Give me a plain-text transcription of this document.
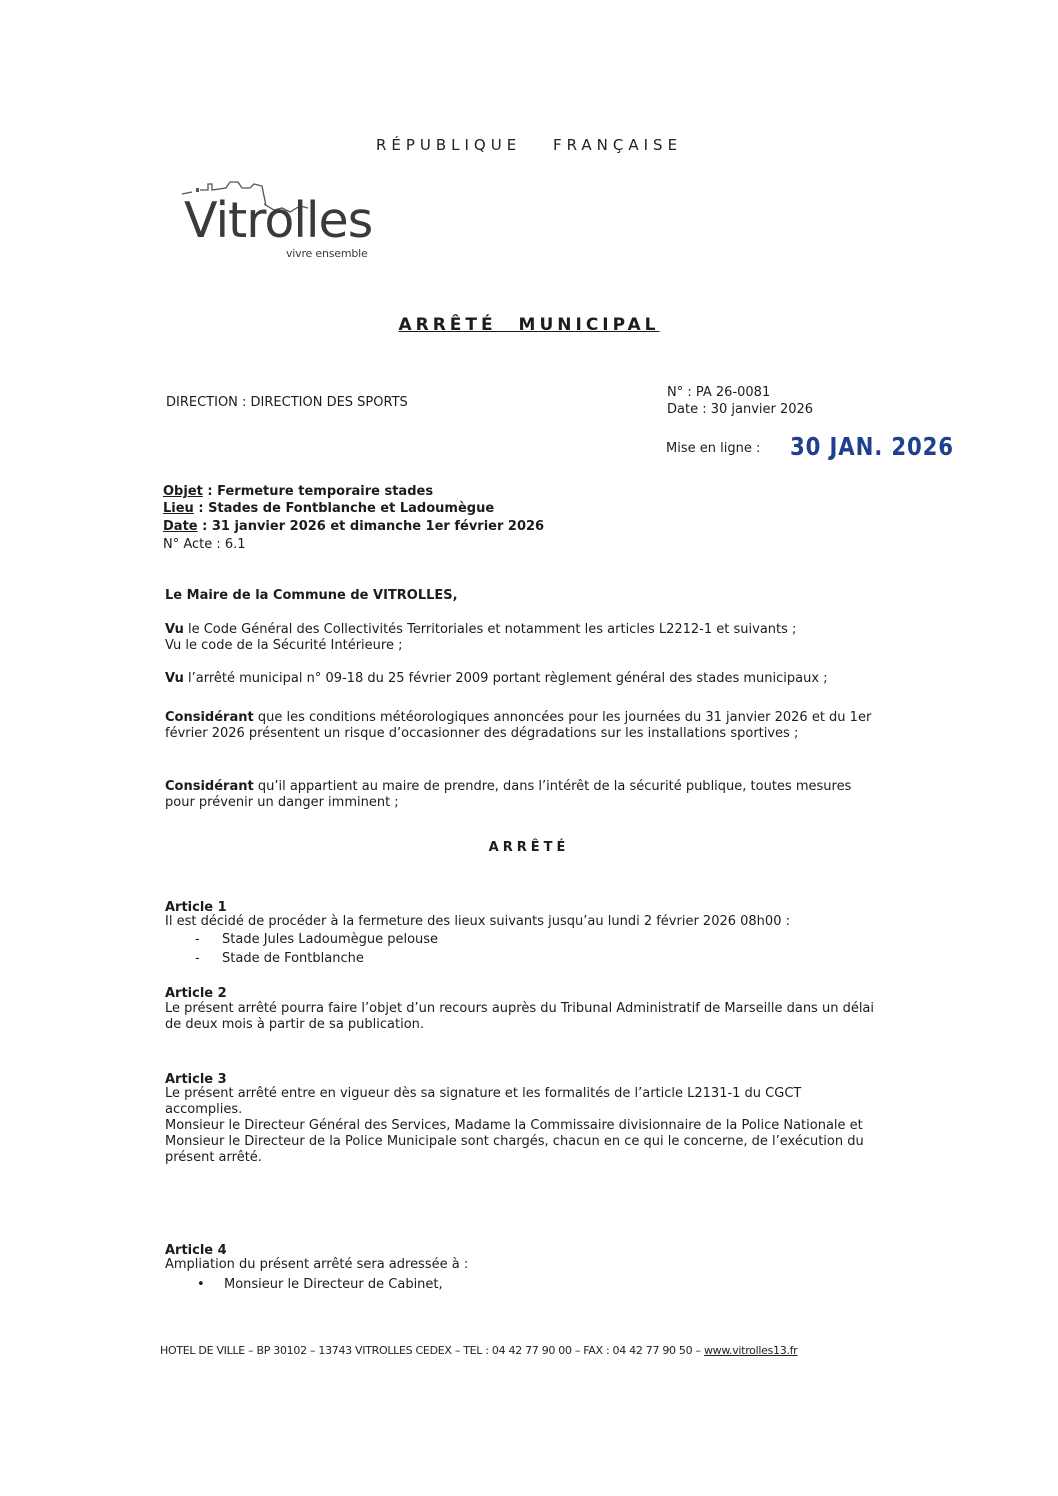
RÉPUBLIQUE FRANÇAISE
Vitrolles
vivre ensemble
ARRÊTÉ MUNICIPAL
DIRECTION : DIRECTION DES SPORTS
N° : PA 26-0081
Date : 30 janvier 2026
Mise en ligne : 30 JAN. 2026
Objet : Fermeture temporaire stades
Lieu : Stades de Fontblanche et Ladoumègue
Date : 31 janvier 2026 et dimanche 1er février 2026
N° Acte : 6.1
Le Maire de la Commune de VITROLLES,
Vu le Code Général des Collectivités Territoriales et notamment les articles L2212-1 et suivants ;
Vu le code de la Sécurité Intérieure ;
Vu l’arrêté municipal n° 09-18 du 25 février 2009 portant règlement général des stades municipaux ;
Considérant que les conditions météorologiques annoncées pour les journées du 31 janvier 2026 et du 1er février 2026 présentent un risque d’occasionner des dégradations sur les installations sportives ;
Considérant qu’il appartient au maire de prendre, dans l’intérêt de la sécurité publique, toutes mesures pour prévenir un danger imminent ;
ARRÊTÉ
Article 1
Il est décidé de procéder à la fermeture des lieux suivants jusqu’au lundi 2 février 2026 08h00 :
- Stade Jules Ladoumègue pelouse
- Stade de Fontblanche
Article 2
Le présent arrêté pourra faire l’objet d’un recours auprès du Tribunal Administratif de Marseille dans un délai de deux mois à partir de sa publication.
Article 3
Le présent arrêté entre en vigueur dès sa signature et les formalités de l’article L2131-1 du CGCT accomplies.
Monsieur le Directeur Général des Services, Madame la Commissaire divisionnaire de la Police Nationale et Monsieur le Directeur de la Police Municipale sont chargés, chacun en ce qui le concerne, de l’exécution du présent arrêté.
Article 4
Ampliation du présent arrêté sera adressée à :
• Monsieur le Directeur de Cabinet,
HOTEL DE VILLE – BP 30102 – 13743 VITROLLES CEDEX – TEL : 04 42 77 90 00 – FAX : 04 42 77 90 50 – www.vitrolles13.fr
